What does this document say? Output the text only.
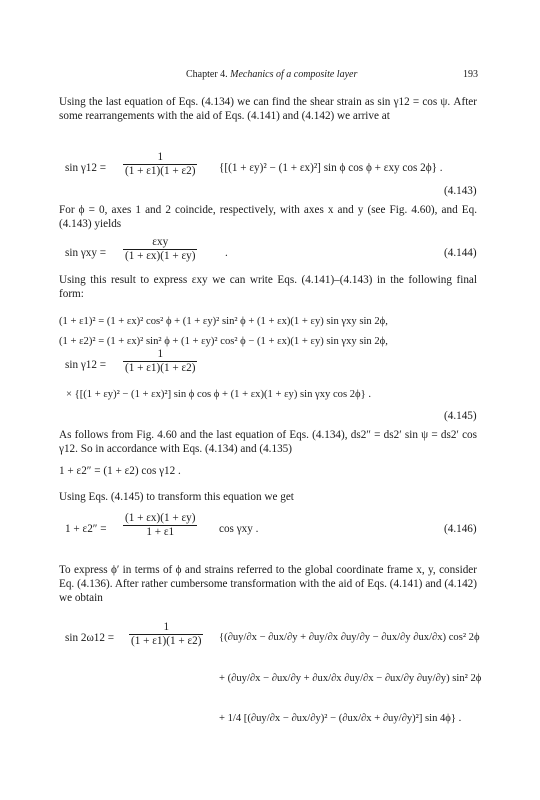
Chapter 4. Mechanics of a composite layer	193

Using the last equation of Eqs. (4.134) we can find the shear strain as sin γ12 = cos ψ. After some rearrangements with the aid of Eqs. (4.141) and (4.142) we arrive at

$\sin \gamma 12 = \frac{1}{(1 + \varepsilon 1)(1 + \varepsilon 2)} \{[(1 + \varepsilon y)^2 - (1 + \varepsilon x)^2]$ sin ϕ cos ϕ + εxy cos 2ϕ} .
(4.143)

For ϕ = 0, axes 1 and 2 coincide, respectively, with axes x and y (see Fig. 4.60), and Eq. (4.143) yields

sin γxy =
εxy
(1 + εx)(1 + εy)	.	(4.144)

Using this result to express εxy we can write Eqs. (4.141)–(4.143) in the following final form:

(1 + ε1)² = (1 + εx)² cos² ϕ + (1 + εy)² sin² ϕ + (1 + εx)(1 + εy) sin γxy sin 2ϕ,
(1 + ε2)² = (1 + εx)² sin² ϕ + (1 + εy)² cos² ϕ − (1 + εx)(1 + εy) sin γxy sin 2ϕ,
$\sin \gamma 12 = \frac{1}{(1 + \varepsilon 1)(1 + \varepsilon 2)}$
× {[(1 + εy)² − (1 + εx)²] sin ϕ cos ϕ + (1 + εx)(1 + εy) sin γxy cos 2ϕ} .
(4.145)

As follows from Fig. 4.60 and the last equation of Eqs. (4.134), ds2″ = ds2′ sin ψ = ds2′ cos γ12. So in accordance with Eqs. (4.134) and (4.135)

1 + ε2″ = (1 + ε2) cos γ12 .

Using Eqs. (4.145) to transform this equation we get

$1 + \varepsilon 2'' = \frac{(1 + \varepsilon x)(1 + \varepsilon y)}{1 + \varepsilon 1}$ cos γxy .	(4.146)

To express ϕ′ in terms of ϕ and strains referred to the global coordinate frame x, y, consider Eq. (4.136). After rather cumbersome transformation with the aid of Eqs. (4.141) and (4.142) we obtain

$\sin 2\omega 12 = \frac{1}{(1 + \varepsilon 1)(1 + \varepsilon 2)} \{(\partial uy/\partial x - \partial ux/\partial y + \partial uy/\partial x$ ∂uy/∂y − ∂ux/∂y ∂ux/∂x) cos² 2ϕ
+ (∂uy/∂x − ∂ux/∂y + ∂ux/∂x ∂uy/∂x − ∂ux/∂y ∂uy/∂y) sin² 2ϕ
+ 1/4 [(∂uy/∂x − ∂ux/∂y)² − (∂ux/∂x + ∂uy/∂y)²] sin 4ϕ} .
